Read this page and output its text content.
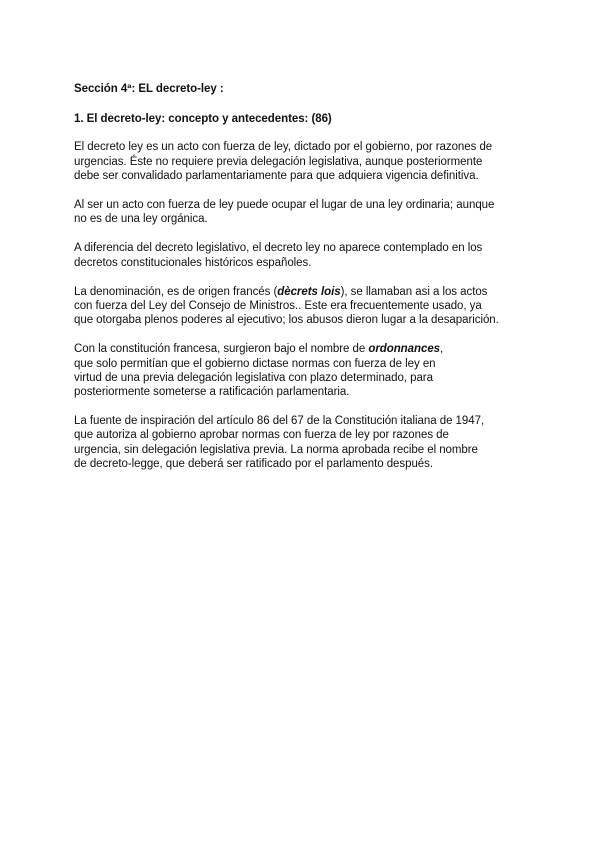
Sección 4ª: EL decreto-ley :

1. El decreto-ley: concepto y antecedentes: (86)

El decreto ley es un acto con fuerza de ley, dictado por el gobierno, por razones de
urgencias. Éste no requiere previa delegación legislativa, aunque posteriormente
debe ser convalidado parlamentariamente para que adquiera vigencia definitiva.

Al ser un acto con fuerza de ley puede ocupar el lugar de una ley ordinaria; aunque
no es de una ley orgánica.

A diferencia del decreto legislativo, el decreto ley no aparece contemplado en los
decretos constitucionales históricos españoles.

La denominación, es de origen francés (dècrets lois), se llamaban asi a los actos
con fuerza del Ley del Consejo de Ministros.. Este era frecuentemente usado, ya
que otorgaba plenos poderes al ejecutivo; los abusos dieron lugar a la desaparición.

Con la constitución francesa, surgieron bajo el nombre de ordonnances,
que solo permitían que el gobierno dictase normas con fuerza de ley en
virtud de una previa delegación legislativa con plazo determinado, para
posteriormente someterse a ratificación parlamentaria.

La fuente de inspiración del artículo 86 del 67 de la Constitución italiana de 1947,
que autoriza al gobierno aprobar normas con fuerza de ley por razones de
urgencia, sin delegación legislativa previa. La norma aprobada recibe el nombre
de decreto-legge, que deberá ser ratificado por el parlamento después.
